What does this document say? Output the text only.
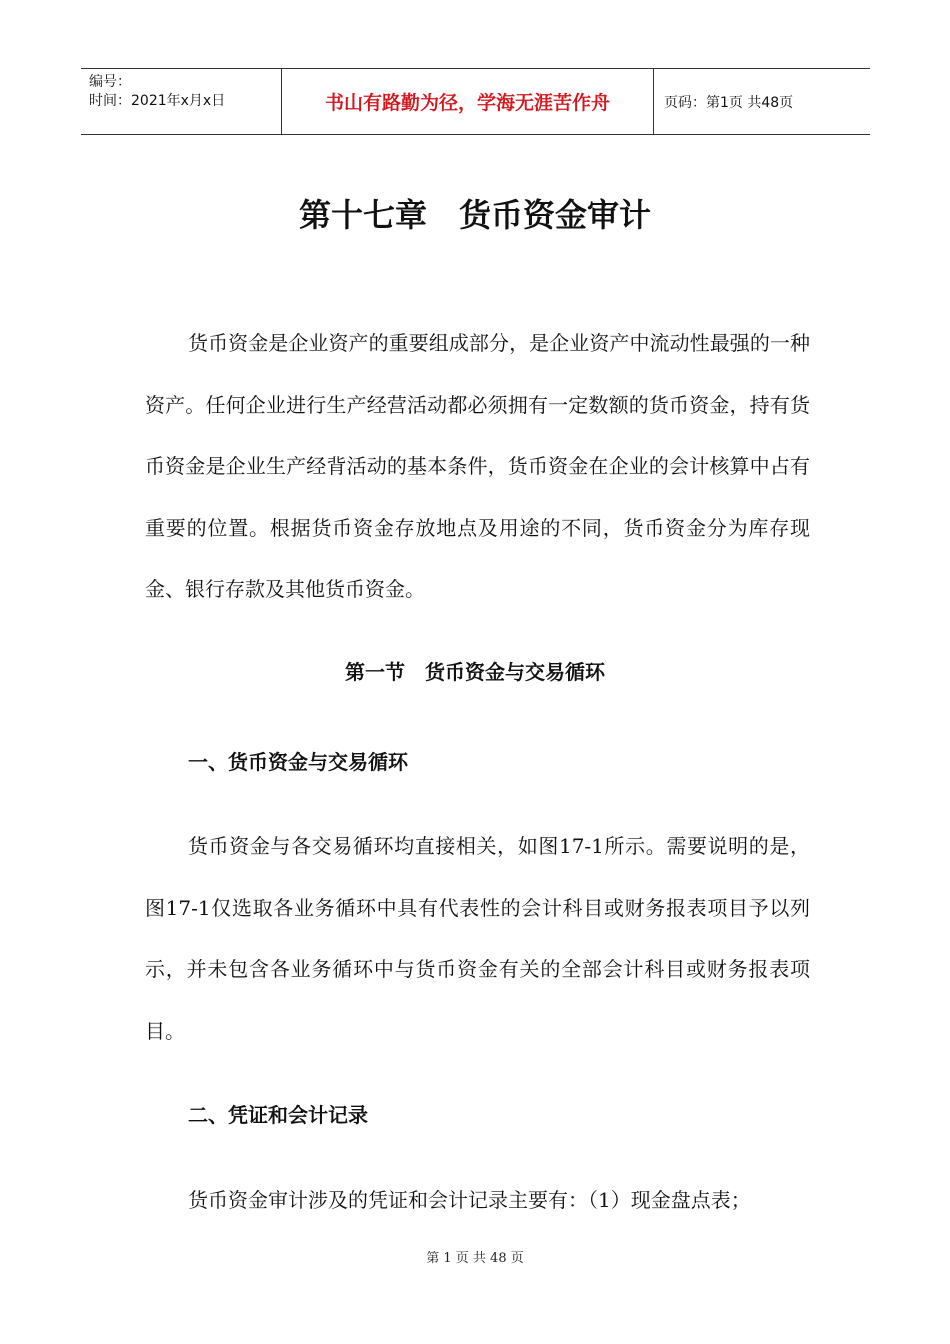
编号：
时间：2021年x月x日	书山有路勤为径，学海无涯苦作舟	页码：第1页 共48页
第十七章　货币资金审计

货币资金是企业资产的重要组成部分，是企业资产中流动性最强的一种资产。任何企业进行生产经营活动都必须拥有一定数额的货币资金，持有货币资金是企业生产经背活动的基本条件，货币资金在企业的会计核算中占有重要的位置。根据货币资金存放地点及用途的不同，货币资金分为库存现金、银行存款及其他货币资金。

第一节　货币资金与交易循环
一、货币资金与交易循环

货币资金与各交易循环均直接相关，如图17-1所示。需要说明的是，图17-1仅选取各业务循环中具有代表性的会计科目或财务报表项目予以列示，并未包含各业务循环中与货币资金有关的全部会计科目或财务报表项目。

二、凭证和会计记录

货币资金审计涉及的凭证和会计记录主要有：（1）现金盘点表；

第 1 页 共 48 页
